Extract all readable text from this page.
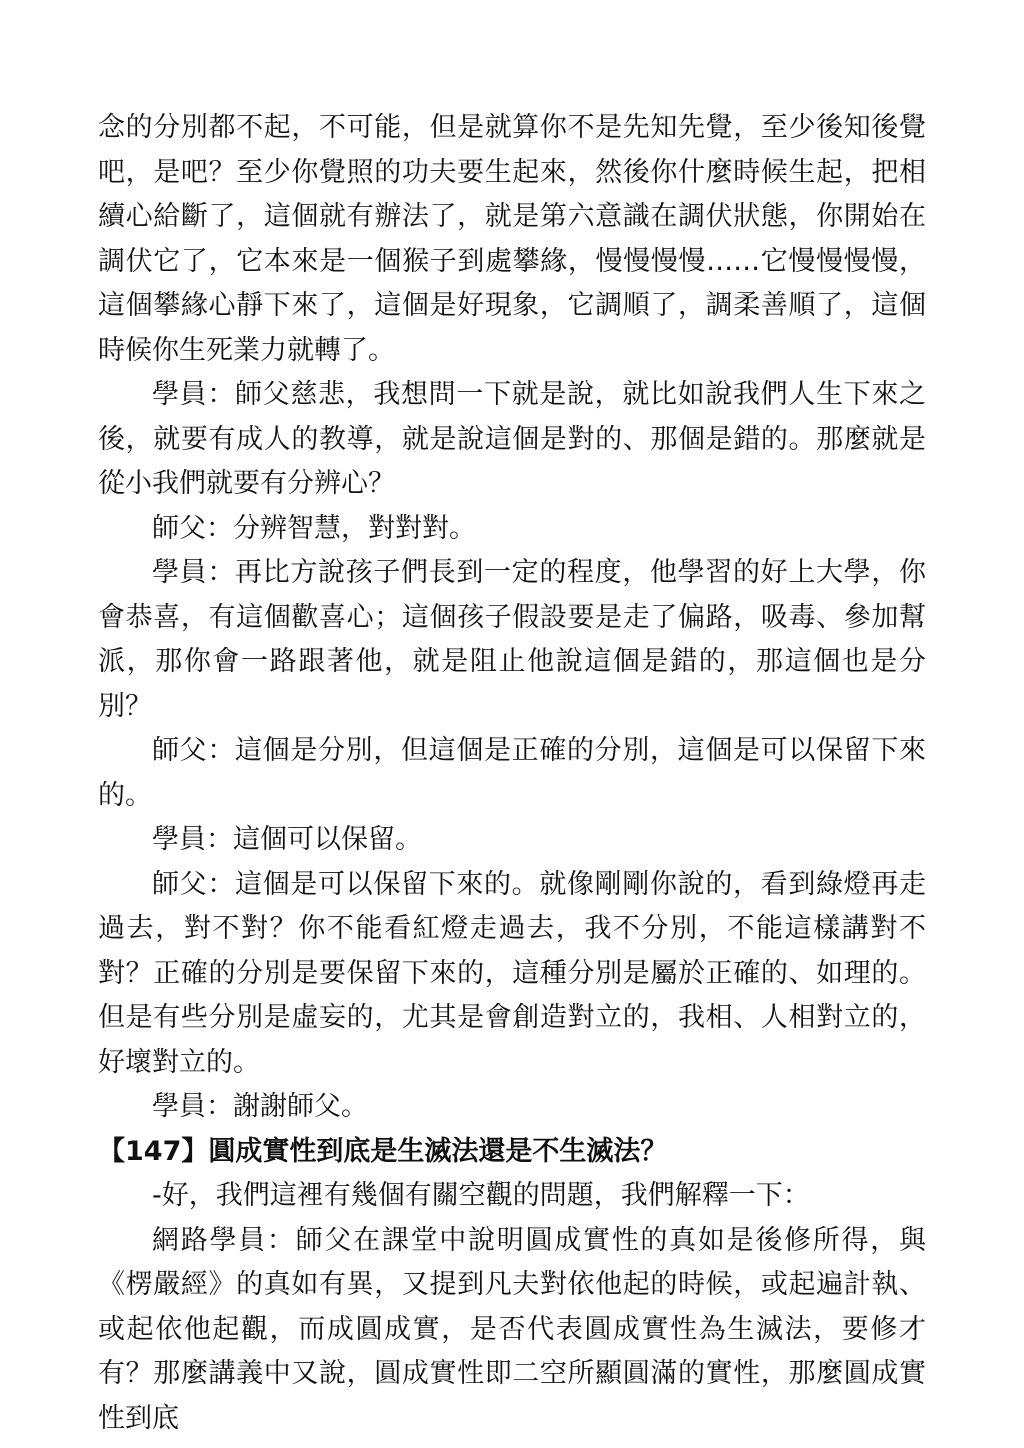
念的分別都不起，不可能，但是就算你不是先知先覺，至少後知後覺吧，是吧？至少你覺照的功夫要生起來，然後你什麼時候生起，把相續心給斷了，這個就有辦法了，就是第六意識在調伏狀態，你開始在調伏它了，它本來是一個猴子到處攀緣，慢慢慢慢……它慢慢慢慢，這個攀緣心靜下來了，這個是好現象，它調順了，調柔善順了，這個時候你生死業力就轉了。

學員：師父慈悲，我想問一下就是說，就比如說我們人生下來之後，就要有成人的教導，就是說這個是對的、那個是錯的。那麼就是從小我們就要有分辨心？

師父：分辨智慧，對對對。

學員：再比方說孩子們長到一定的程度，他學習的好上大學，你會恭喜，有這個歡喜心；這個孩子假設要是走了偏路，吸毒、參加幫派，那你會一路跟著他，就是阻止他說這個是錯的，那這個也是分別？

師父：這個是分別，但這個是正確的分別，這個是可以保留下來的。

學員：這個可以保留。

師父：這個是可以保留下來的。就像剛剛你說的，看到綠燈再走過去，對不對？你不能看紅燈走過去，我不分別，不能這樣講對不對？正確的分別是要保留下來的，這種分別是屬於正確的、如理的。但是有些分別是虛妄的，尤其是會創造對立的，我相、人相對立的，好壞對立的。

學員：謝謝師父。

【147】圓成實性到底是生滅法還是不生滅法？

-好，我們這裡有幾個有關空觀的問題，我們解釋一下：

網路學員：師父在課堂中說明圓成實性的真如是後修所得，與《楞嚴經》的真如有異，又提到凡夫對依他起的時候，或起遍計執、或起依他起觀，而成圓成實，是否代表圓成實性為生滅法，要修才有？那麼講義中又說，圓成實性即二空所顯圓滿的實性，那麼圓成實性到底
